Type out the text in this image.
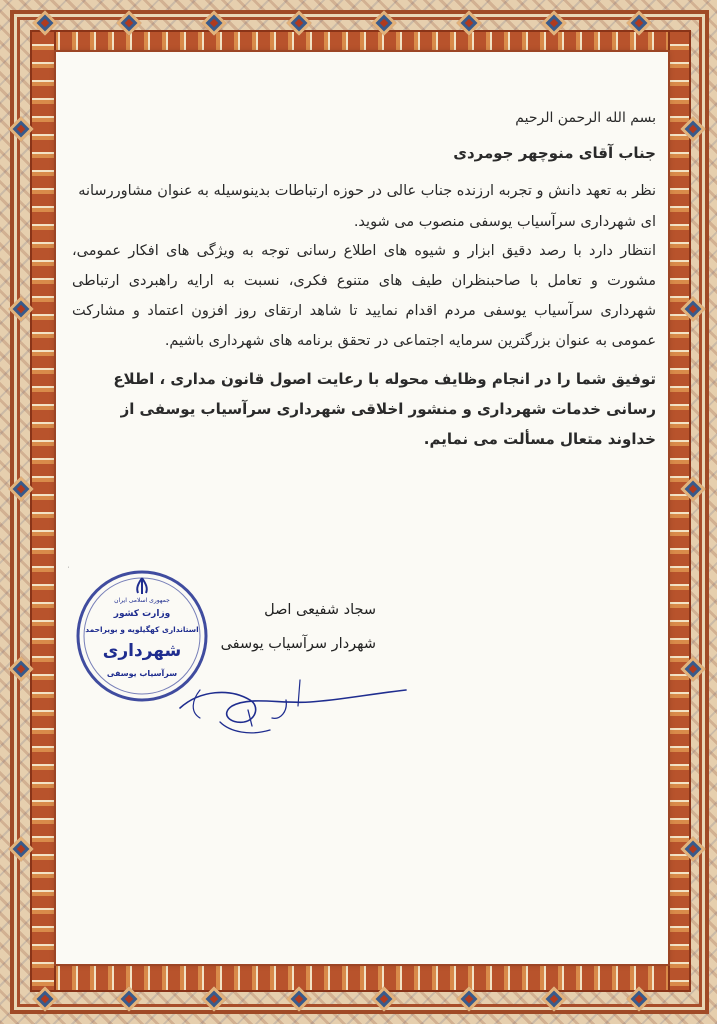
بسم الله الرحمن الرحیم
جناب آقای منوچهر جومردی
نظر به تعهد دانش و تجربه ارزنده جناب عالی در حوزه ارتباطات بدینوسیله به عنوان مشاوررسانه ای شهرداری سرآسیاب یوسفی منصوب می شوید.
انتظار دارد با رصد دقیق ابزار و شیوه های اطلاع رسانی توجه به ویژگی های افکار عمومی، مشورت و تعامل با صاحبنظران طیف های متنوع فکری، نسبت به ارایه راهبردی ارتباطی شهرداری سرآسیاب یوسفی مردم اقدام نمایید تا شاهد ارتقای روز افزون اعتماد و مشارکت عمومی به عنوان بزرگترین سرمایه اجتماعی در تحقق برنامه های شهرداری باشیم.
توفیق شما را در انجام وظایف محوله با رعایت اصول قانون مداری ، اطلاع رسانی خدمات شهرداری و منشور اخلاقی شهرداری سرآسیاب یوسفی از خداوند متعال مسألت می نمایم.
سجاد شفیعی اصل
شهردار سرآسیاب یوسفی
·
جمهوری اسلامی ایران
وزارت کشور
استانداری کهگیلویه و بویراحمد
شهرداری
سرآسیاب یوسفی
